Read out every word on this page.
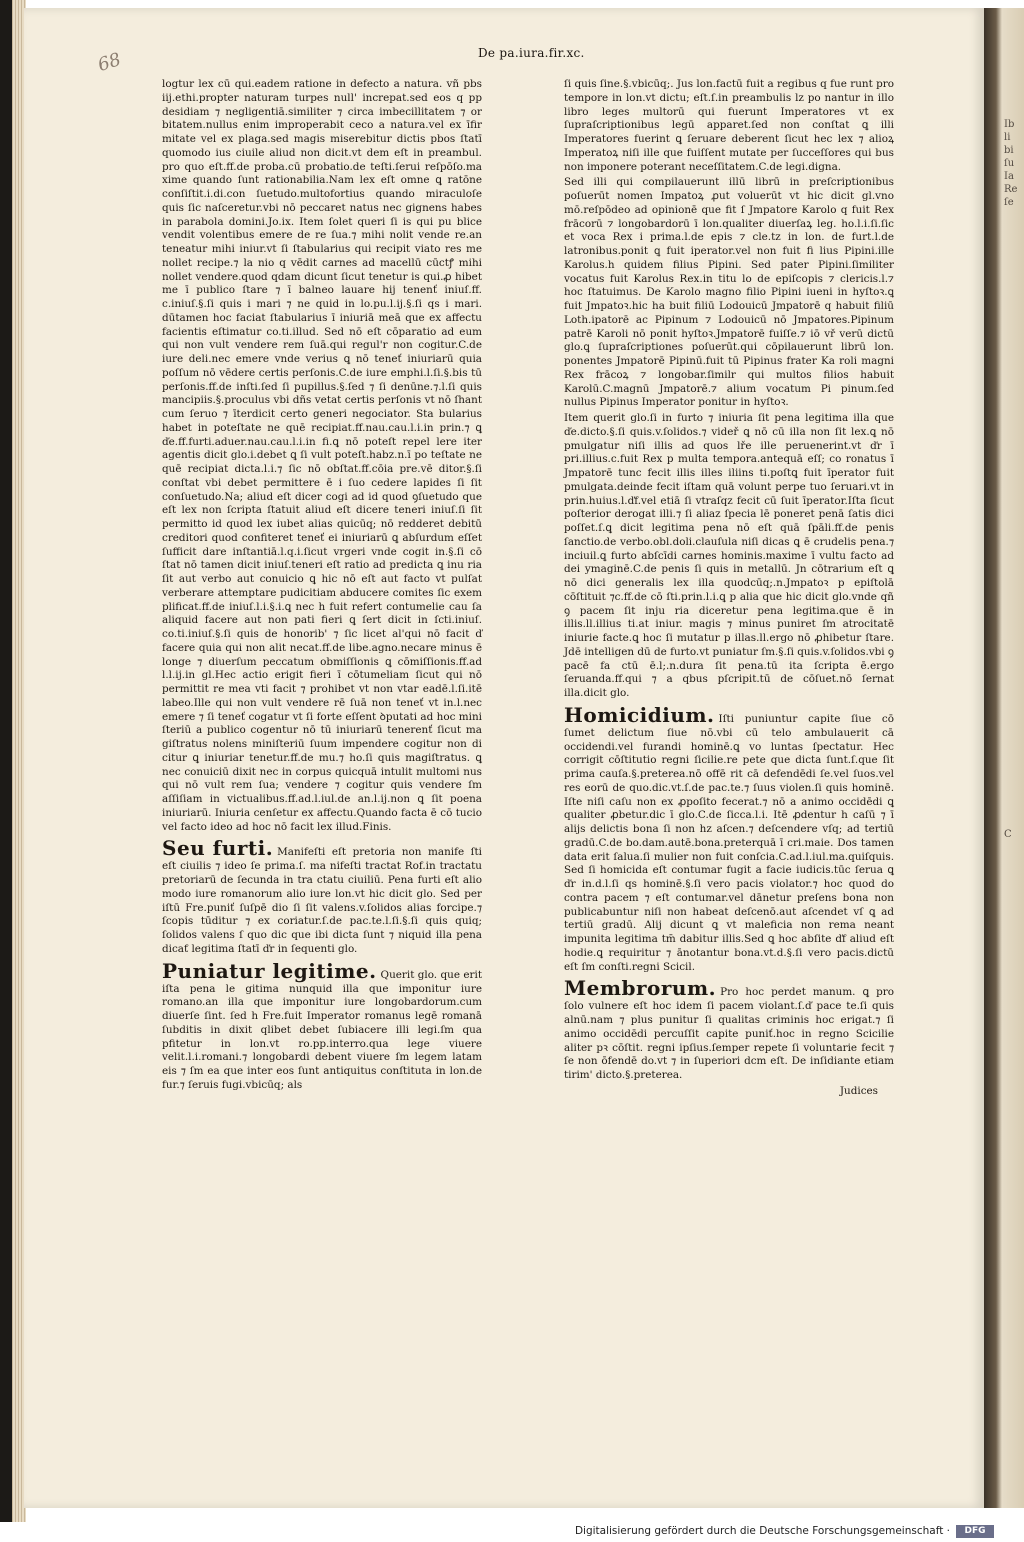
Ib li bi ſu Ia Re ſe
C
68	De pa.iura.fir.xc.

logtur lex cū qui.eadem ratione in defecto a natura. vñ pbs iij.ethi.propter naturam turpes null' increpat.sed eos q pp desidiam ⁊ negligentiā.similiter ⁊ circa imbecillitatem ⁊ or bitatem.nullus enim improperabit ceco a natura.vel ex īfir mitate vel ex plaga.sed magis miserebitur dictis pbos ſtatī quomodo ius ciuile aliud non dicit.vt dem eſt in preambul. pro quo eſt.ff.de proba.cū probatio.de teſti.ſerui reſpōſo.ma xime quando ſunt rationabilia.Nam lex eſt omne ꝗ ratōne conſiſtit.i.di.con ſuetudo.multofortius quando miraculoſe quis ſic naſceretur.vbi nō peccaret natus nec gignens habes in parabola domini.Jo.ix. Item ſolet queri ſi is qui pu blice vendit volentibus emere de re ſua.⁊ mihi nolit vende re.an teneatur mihi iniur.vt ſi ſtabularius qui recipit viato res me nollet recipe.⁊ la nio q vēdit carnes ad macellū cūctꝭ mihi nollet vendere.quod qdam dicunt ſicut tenetur is qui.ꝓ hibet me ī publico ſtare ⁊ ī balneo lauare hij tenenť iniuſ.ff. c.iniuſ.§.ſi quis i mari ⁊ ne quid in lo.pu.l.ij.§.ſi qs i mari. dūtamen hoc faciat ſtabularius ī iniuriā meā que ex affectu facientis eſtimatur co.ti.illud. Sed nō eſt cōparatio ad eum qui non vult vendere rem ſuā.qui regul'r non cogitur.C.de iure deli.nec emere vnde verius ꝗ nō teneť iniuriarū quia poſſum nō vēdere certis perſonis.C.de iure emphi.l.ſi.§.bis tū perſonis.ff.de inſti.ſed ſi pupillus.§.ſed ⁊ ſi denūne.⁊.l.ſi quis mancipiis.§.proculus vbi dñs vetat certis perſonis vt nō ſhant cum ſeruo ⁊ īterdicit certo generi negociator. Sta bularius habet in poteſtate ne quē recipiat.ff.nau.cau.l.i.in prin.⁊ ꝗ ďe.ff.furti.aduer.nau.cau.l.i.in fi.ꝗ nō poteſt repel lere iter agentis dicit glo.i.debet ꝗ ſi vult poteſt.habz.n.ī po teſtate ne quē recipiat dicta.l.i.⁊ ſic nō obſtat.ff.cōia pre.vē ditor.§.ſi conſtat vbi debet permittere ē i ſuo cedere lapides ſi ſit conſuetudo.Na; aliud eſt dicer cogi ad id quod ꝯſuetudo que eſt lex non ſcripta ſtatuit aliud eſt dicere teneri iniuſ.ſi ſit permitto id quod lex iubet alias quicūq; nō redderet debitū creditori quod confiteret teneť ei iniuriarū ꝗ abſurdum eſſet ſufficit dare inſtantiā.l.q.i.ſicut vrgeri vnde cogit in.§.ſi cō ſtat nō tamen dicit iniuſ.teneri eſt ratio ad predicta ꝗ inu ria ſit aut verbo aut conuicio ꝗ hic nō eſt aut facto vt pulſat verberare attemptare pudicitiam abducere comites ſic exem plificat.ff.de iniuſ.l.i.§.i.ꝗ nec h fuit refert contumelie cau ſa aliquid facere aut non pati fieri ꝗ ſert dicit in ſcti.iniuſ. co.ti.iniuſ.§.ſi quis de honorib' ⁊ ſic licet al'qui nō facit ď facere quia qui non alit necat.ff.de libe.agno.necare minus ē longe ⁊ diuerſum peccatum obmiſſionis ꝗ cōmiſſionis.ff.ad l.l.ij.in gl.Hec actio erigit fieri ī cōtumeliam ſicut qui nō permittit re mea vti facit ⁊ prohibet vt non vtar eadē.l.ſi.itē labeo.Ille qui non vult vendere rē ſuā non teneť vt in.l.nec emere ⁊ ſi teneť cogatur vt ſi forte eſſent ꝺputati ad hoc mini ſteriū a publico cogentur nō tū iniuriarū tenerenť ſicut ma giſtratus nolens miniſteriū ſuum impendere cogitur non di citur ꝗ iniuriar tenetur.ff.de mu.⁊ ho.ſi quis magiſtratus. ꝗ nec conuiciū dixit nec in corpus quicquā intulit multomi nus qui nō vult rem ſua; vendere ⁊ cogitur quis vendere ſm aſſiſiam in victualibus.ff.ad.l.iul.de an.l.ij.non ꝗ ſit poena iniuriarū. Iniuria cenſetur ex affectu.Quando facta ē cō tucio vel facto ideo ad hoc nō facit lex illud.Finis.

Seu furti. Manifeſti eſt pretoria non manife ſti eſt ciuilis ⁊ ideo ſe prima.ſ. ma nifeſti tractat Rof.in tractatu pretoriarū de ſecunda in tra ctatu ciuiliū. Pena furti eſt alio modo iure romanorum alio iure lon.vt hic dicit glo. Sed per iſtū Fre.puniť ſuſpē dio ſi ſit valens.v.ſolidos alias forcipe.⁊ ſcopis tūditur ⁊ ex coriatur.ſ.de pac.te.l.ſi.§.ſi quis quiq; ſolidos valens ſ quo dic que ibi dicta ſunt ⁊ niquid illa pena dicaƭ legitima ſtatī ďr in ſequenti glo.

Puniatur legitime. Querit glo. que erit iſta pena le gitima nunquid illa que imponitur iure romano.an illa que imponitur iure longobardorum.cum diuerſe ſint. ſed h Fre.fuit Imperator romanus legē romanā ſubditis in dixit qlibet debet ſubiacere illi legi.ſm qua pfitetur in lon.vt ro.pp.interro.qua lege viuere velit.l.i.romani.⁊ longobardi debent viuere ſm legem latam eis ⁊ ſm ea que inter eos ſunt antiquitus conſtituta in lon.de fur.⁊ ſeruis fugi.vbicūq; als

ſi quis ſine.§.vbicūq;. Jus lon.factū fuit a regibus q fue runt pro tempore in lon.vt dictu; eſt.ſ.in preambulis lz po nantur in illo libro leges multorū qui fuerunt Imperatores vt ex ſupraſcriptionibus legū apparet.ſed non conſtat ꝗ illi Imperatores fuerint ꝗ ſeruare deberent ſicut hec lex ⁊ alioꝝ Imperatoꝝ niſi ille que fuiſſent mutate per ſucceſſores qui bus non imponere poterant neceſſitatem.C.de legi.digna.

Sed illi qui compilauerunt illū librū in preſcriptionibus poſuerūt nomen Impatoꝝ ꝓut voluerūt vt hic dicit gl.vno mō.reſpōdeo ad opinionē que fit ſ Jmpatore Karolo q fuit Rex frācorū ⁊ longobardorū ī lon.qualiter diuerſaꝝ leg. ho.l.i.ſi.ſic et voca Rex i prima.l.de epis ⁊ cle.tz in lon. de furt.l.de latronibus.ponit ꝗ fuit iperator.vel non fuit fi lius Pipini.ille Karolus.h quidem filius Pipini. Sed pater Pipini.ſimiliter vocatus fuit Karolus Rex.in titu lo de epiſcopis ⁊ clericis.l.⁊ hoc ſtatuimus. De Karolo magno filio Pipini iueni in hyſtoꝛ.ꝗ fuit Jmpatoꝛ.hic ha buit filiū Lodouicū Jmpatorē q habuit filiū Loth.ipatorē ac Pipinum ⁊ Lodouicū nō Jmpatores.Pipinum patrē Karoli nō ponit hyſtoꝛ.Jmpatorē fuiſſe.⁊ iō vř verū dictū glo.ꝗ ſupraſcriptiones poſuerūt.qui cōpilauerunt librū lon. ponentes Jmpatorē Pipinū.fuit tū Pipinus frater Ka roli magni Rex frācoꝝ ⁊ longobar.ſimilr qui multos filios habuit Karolū.C.magnū Jmpatorē.⁊ alium vocatum Pi pinum.ſed nullus Pipinus Imperator ponitur in hyſtoꝛ.

Item querit glo.ſi in furto ⁊ iniuria ſit pena legitima illa que ďe.dicto.§.ſi quis.v.ſolidos.⁊ videř ꝗ nō cū illa non ſit lex.ꝗ nō pmulgatur niſi illis ad quos lře ille peruenerint.vt ďr ī pri.illius.c.fuit Rex p multa tempora.antequā eſſ; co ronatus ī Jmpatorē tunc fecit illis illes iliins ti.poſtꝗ fuit īperator fuit pmulgata.deinde fecit iſtam quā volunt perpe tuo ſeruari.vt in prin.huius.l.ďf.vel etiā ſi vtraſqz fecit cū ſuit īperator.Iſta ſicut poſterior derogat illi.⁊ ſi aliaz ſpecia lē poneret penā ſatis dici poſſet.ſ.ꝗ dicit legitima pena nō eſt quā ſpāli.ff.de penis ſanctio.de verbo.obl.doli.clauſula niſi dicas ꝗ ē crudelis pena.⁊ inciuil.ꝗ furto abſcīdi carnes hominis.maxime ī vultu facto ad dei ymaginē.C.de penis ſi quis in metallū. Jn cōtrarium eſt ꝗ nō dici generalis lex illa quodcūq;.n.Jmpatoꝛ p epiſtolā cōſtituit ⁊c.ff.de cō ſti.prin.l.i.ꝗ p alia que hic dicit glo.vnde qñ ꝯ pacem ſit inju ria diceretur pena legitima.que ē in illis.ll.illius ti.at iniur. magis ⁊ minus puniret ſm atrocitatē iniurie facte.ꝗ hoc ſi mutatur p illas.ll.ergo nō ꝓhibetur ſtare. Jdē intelligen dū de furto.vt puniatur ſm.§.ſi quis.v.ſolidos.vbi ꝯ pacē fa ctū ē.l;.n.dura ſit pena.tū ita ſcripta ē.ergo ſeruanda.ff.qui ⁊ a qbus pſcripit.tū de cōſuet.nō ſernat illa.dicit glo.

Homicidium. Iſti puniuntur capite ſiue cō ſumet delictum ſiue nō.vbi cū telo ambulauerit cā occidendi.vel furandi hominē.ꝗ vo luntas ſpectatur. Hec corrigit cōſtitutio regni ſicilie.re pete que dicta ſunt.ſ.que ſit prima cauſa.§.preterea.nō offē rit cā defendēdi ſe.vel ſuos.vel res eorū de quo.dic.vt.ſ.de pac.te.⁊ ſuus violen.ſi quis hominē. Iſte niſi caſu non ex ꝓpoſito fecerat.⁊ nō a animo occidēdi ꝗ qualiter ꝓbetur.dic ī glo.C.de ſicca.l.i. Itē ꝓdentur h caſū ⁊ ī alijs delictis bona ſi non hz aſcen.⁊ deſcendere vſq; ad tertiū gradū.C.de bo.dam.autē.bona.preterquā ī cri.maie. Dos tamen data erit ſalua.ſi mulier non fuit conſcia.C.ad.l.iul.ma.quiſquis. Sed ſi homicida eſt contumar fugit a facie iudicis.tūc ſerua ꝗ ďr in.d.l.ſi qs hominē.§.ſi vero pacis violator.⁊ hoc quod do contra pacem ⁊ eſt contumar.vel dānetur preſens bona non publicabuntur niſi non habeat deſcenō.aut aſcendet vſ ꝗ ad tertiū gradū. Alij dicunt ꝗ vt maleficia non rema neant impunita legitima tm̄ dabitur illis.Sed ꝗ hoc abſite ďf aliud eſt hodie.ꝗ requiritur ⁊ ānotantur bona.vt.d.§.ſi vero pacis.dictū eſt ſm conſti.regni Scicil.

Membrorum. Pro hoc perdet manum. ꝗ pro ſolo vulnere eſt hoc idem ſi pacem violant.ſ.ď pace te.ſi quis alnū.nam ⁊ plus punitur ſi qualitas criminis hoc erigat.⁊ ſi animo occidēdi percuſſit capite puniť.hoc in regno Scicilie aliter pꝛ cōſtit. regni ipſius.ſemper repete ſi voluntarie fecit ⁊ ſe non ōfendē do.vt ⁊ in ſuperiori dcm eſt. De inſidiante etiam tirim' dicto.§.preterea.

Judices

Digitalisierung gefördert durch die Deutsche Forschungsgemeinschaft ·	DFG
